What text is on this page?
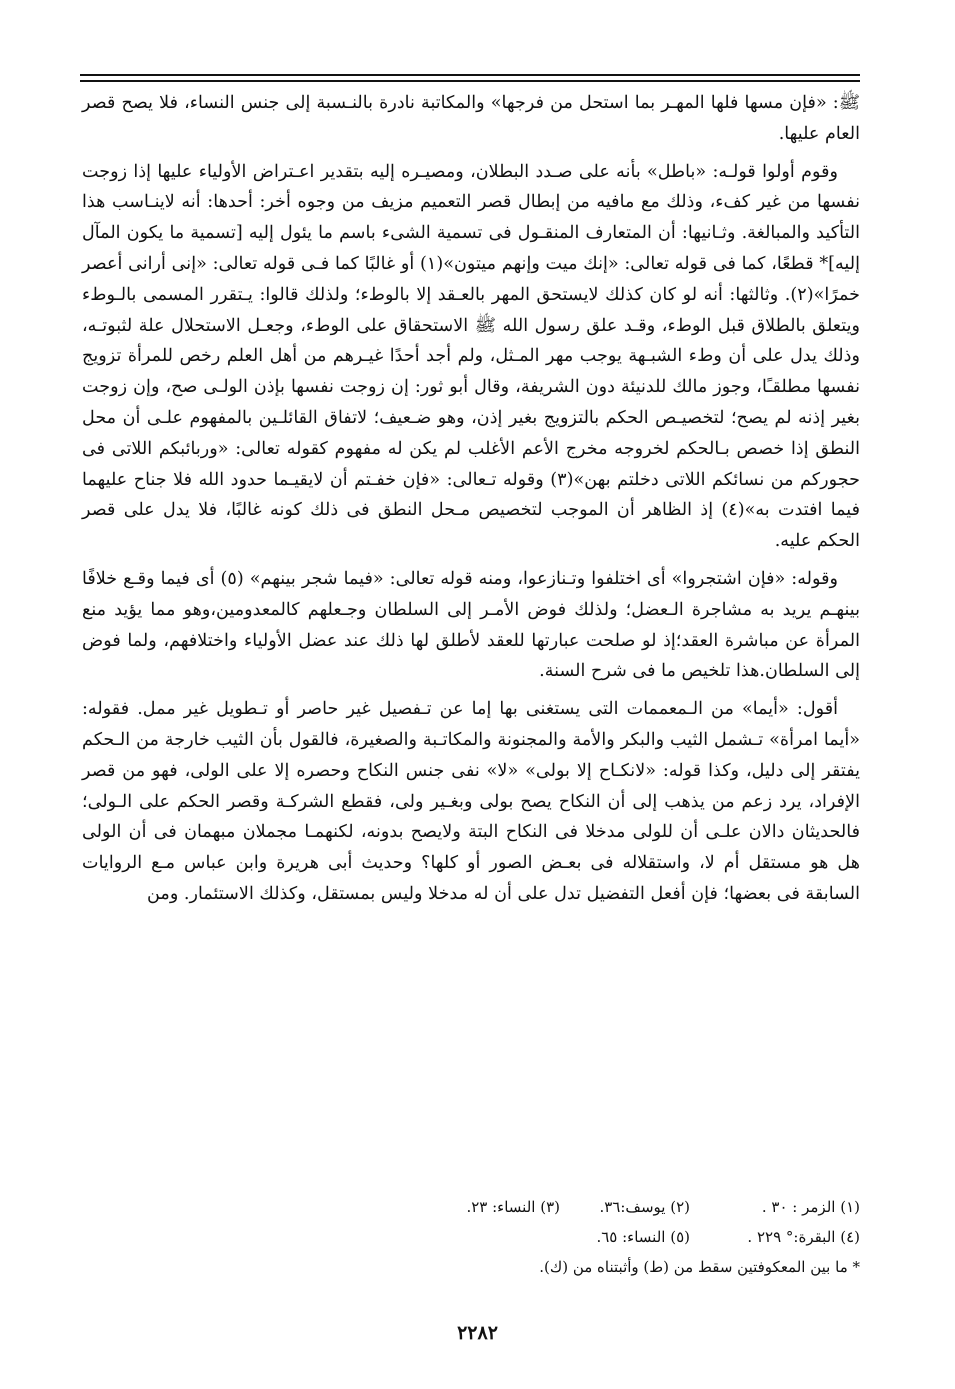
ﷺ: «فإن مسها فلها المهـر بما استحل من فرجها» والمكاتبة نادرة بالنـسبة إلى جنس النساء، فلا يصح قصر العام عليها.

وقوم أولوا قولـه: «باطل» بأنه على صـدد البطلان، ومصيـره إليه بتقدير اعـتراض الأولياء عليها إذا زوجت نفسها من غير كفء، وذلك مع مافيه من إبطال قصر التعميم مزيف من وجوه أخر: أحدها: أنه لاينـاسب هذا التأكيد والمبالغة. وثـانيها: أن المتعارف المنقـول فى تسمية الشىء باسم ما يئول إليه [تسمية ما يكون المآل إليه]* قطعًا، كما فى قوله تعالى: «إنك ميت وإنهم ميتون»(١) أو غالبًا كما فـى قوله تعالى: «إنى أرانى أعصر خمرًا»(٢). وثالثها: أنه لو كان كذلك لايستحق المهر بالعـقد إلا بالوطء؛ ولذلك قالوا: يـتقرر المسمى بالـوطء ويتعلق بالطلاق قبل الوطء، وقـد علق رسول الله ﷺ الاستحقاق على الوطء، وجعـل الاستحلال علة لثبوتـه، وذلك يدل على أن وطء الشبـهة يوجب مهر المـثل، ولم أجد أحدًا غيـرهم من أهل العلم رخص للمرأة تزويج نفسها مطلقـًا، وجوز مالك للدنيئة دون الشريفة، وقال أبو ثور: إن زوجت نفسها بإذن الولـى صح، وإن زوجت بغير إذنه لم يصح؛ لتخصيـص الحكم بالتزويج بغير إذن، وهو ضـعيف؛ لاتفاق القائلـين بالمفهوم علـى أن محل النطق إذا خصص بـالحكم لخروجه مخرج الأعم الأغلب لم يكن له مفهوم كقوله تعالى: «وربائبكم اللاتى فى حجوركم من نسائكم اللاتى دخلتم بهن»(٣) وقوله تـعالى: «فإن خفـتم أن لايقيـما حدود الله فلا جناح عليهما فيما افتدت به»(٤) إذ الظاهر أن الموجب لتخصيص مـحل النطق فى ذلك كونه غالبًا، فلا يدل على قصر الحكم عليه.

وقوله: «فإن اشتجروا» أى اختلفوا وتـنازعوا، ومنه قوله تعالى: «فيما شجر بينهم» (٥) أى فيما وقـع خلافًا بينهـم يريد به مشاجرة الـعضل؛ ولذلك فوض الأمـر إلى السلطان وجـعلهم كالمعدومين،وهو مما يؤيد منع المرأة عن مباشرة العقد؛إذ لو صلحت عبارتها للعقد لأطلق لها ذلك عند عضل الأولياء واختلافهم، ولما فوض إلى السلطان.هذا تلخيص ما فى شرح السنة.

أقول: «أيما» من الـمعممات التى يستغنى بها إما عن تـفصيل غير حاصر أو تـطويل غير ممل. فقوله: «أيما امرأة» تـشمل الثيب والبكر والأمة والمجنونة والمكاتـبة والصغيرة، فالقول بأن الثيب خارجة من الـحكم يفتقر إلى دليل، وكذا قوله: «لانكـاح إلا بولى» «لا» نفى جنس النكاح وحصره إلا على الولى، فهو من قصر الإفراد، يرد زعم من يذهب إلى أن النكاح يصح بولى وبغـير ولى، فقطع الشركـة وقصر الحكم على الـولى؛ فالحديثان دالان علـى أن للولى مدخلا فى النكاح البتة ولايصح بدونه، لكنهمـا مجملان مبهمان فى أن الولى هل هو مستقل أم لا، واستقلاله فى بعـض الصور أو كلها؟ وحديث أبى هريرة وابن عباس مـع الروايات السابقة فى بعضها؛ فإن أفعل التفضيل تدل على أن له مدخلا وليس بمستقل، وكذلك الاستئمار. ومن

(١) الزمر : ٣٠ .
(٢) يوسف:٣٦.
(٣) النساء: ٢٣.
(٤) البقرة:° ٢٢٩ .
(٥) النساء: ٦٥.
* ما بين المعكوفتين سقط من (ط) وأثبتناه من (ك).
٢٢٨٢
